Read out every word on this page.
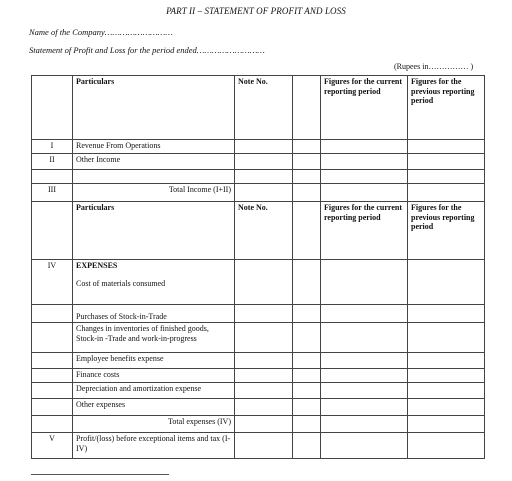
PART II – STATEMENT OF PROFIT AND LOSS
Name of the Company………………………
Statement of Profit and Loss for the period ended………………………
(Rupees in…………… )
	Particulars	Note No.		Figures for the current reporting period	Figures for the previous reporting period
I	Revenue From Operations				
II	Other Income				

III	Total Income (I+II)				
	Particulars	Note No.		Figures for the current reporting period	Figures for the previous reporting period
IV	EXPENSES
Cost of materials consumed				

	Purchases of Stock-in-Trade				
	Changes in inventories of finished goods, Stock-in -Trade and work-in-progress				
	Employee benefits expense				
	Finance costs				
	Depreciation and amortization expense				
	Other expenses				
	Total expenses (IV)				
V	Profit/(loss) before exceptional items and tax (I- IV)				
